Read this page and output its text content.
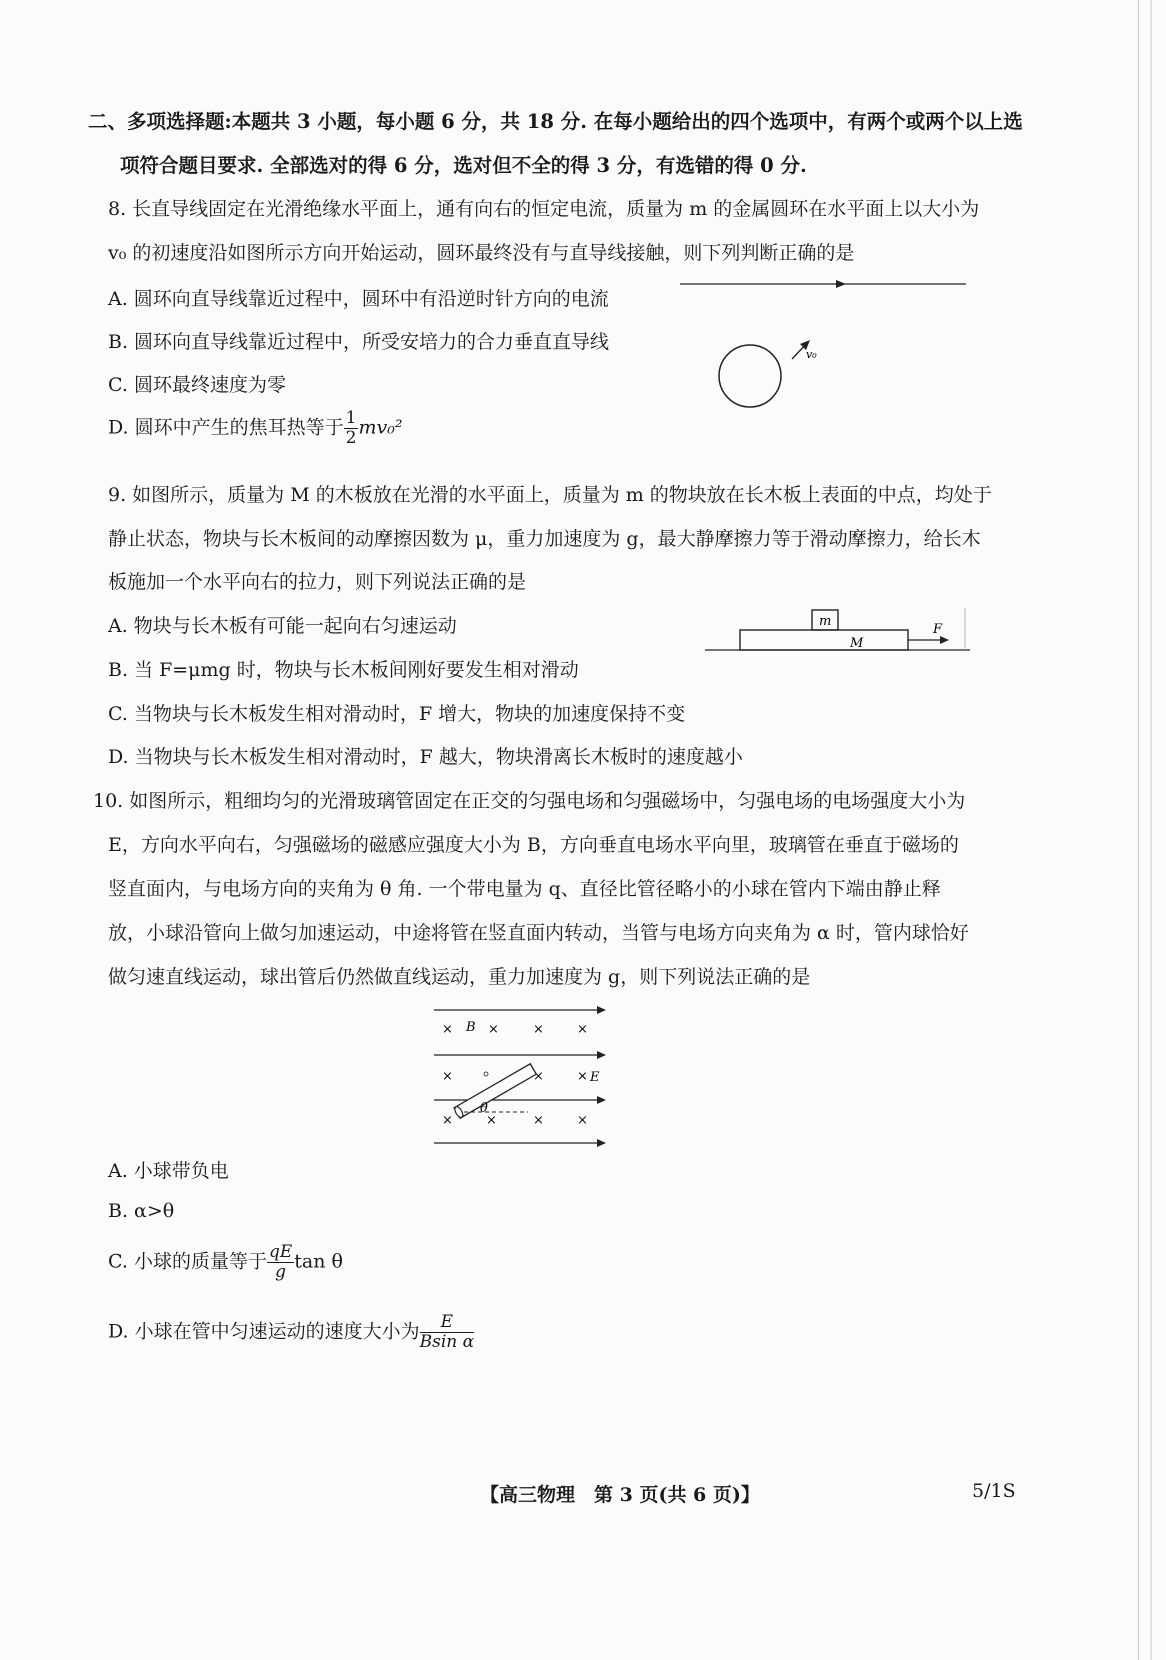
二、多项选择题:本题共 3 小题，每小题 6 分，共 18 分. 在每小题给出的四个选项中，有两个或两个以上选
项符合题目要求. 全部选对的得 6 分，选对但不全的得 3 分，有选错的得 0 分.
8. 长直导线固定在光滑绝缘水平面上，通有向右的恒定电流，质量为 m 的金属圆环在水平面上以大小为
v₀ 的初速度沿如图所示方向开始运动，圆环最终没有与直导线接触，则下列判断正确的是
A. 圆环向直导线靠近过程中，圆环中有沿逆时针方向的电流
B. 圆环向直导线靠近过程中，所受安培力的合力垂直直导线
C. 圆环最终速度为零
D. 圆环中产生的焦耳热等于 $\frac{1}{2} mv_0^2$
v₀
9. 如图所示，质量为 M 的木板放在光滑的水平面上，质量为 m 的物块放在长木板上表面的中点，均处于
静止状态，物块与长木板间的动摩擦因数为 μ，重力加速度为 g，最大静摩擦力等于滑动摩擦力，给长木
板施加一个水平向右的拉力，则下列说法正确的是
A. 物块与长木板有可能一起向右匀速运动
B. 当 F=μmg 时，物块与长木板间刚好要发生相对滑动
C. 当物块与长木板发生相对滑动时，F 增大，物块的加速度保持不变
D. 当物块与长木板发生相对滑动时，F 越大，物块滑离长木板时的速度越小
m
M
F
10. 如图所示，粗细均匀的光滑玻璃管固定在正交的匀强电场和匀强磁场中，匀强电场的电场强度大小为
E，方向水平向右，匀强磁场的磁感应强度大小为 B，方向垂直电场水平向里，玻璃管在垂直于磁场的
竖直面内，与电场方向的夹角为 θ 角. 一个带电量为 q、直径比管径略小的小球在管内下端由静止释
放，小球沿管向上做匀加速运动，中途将管在竖直面内转动，当管与电场方向夹角为 α 时，管内球恰好
做匀速直线运动，球出管后仍然做直线运动，重力加速度为 g，则下列说法正确的是
× B ×	×	×
×	×	× E
×	×	×	×
θ
A. 小球带负电
B. α>θ
C. 小球的质量等于 $\frac{qE}{g}$ tan θ
D. 小球在管中匀速运动的速度大小为 $\frac{E}{\text{Bsin α}}$
【高三物理　第 3 页(共 6 页)】	5/1S
